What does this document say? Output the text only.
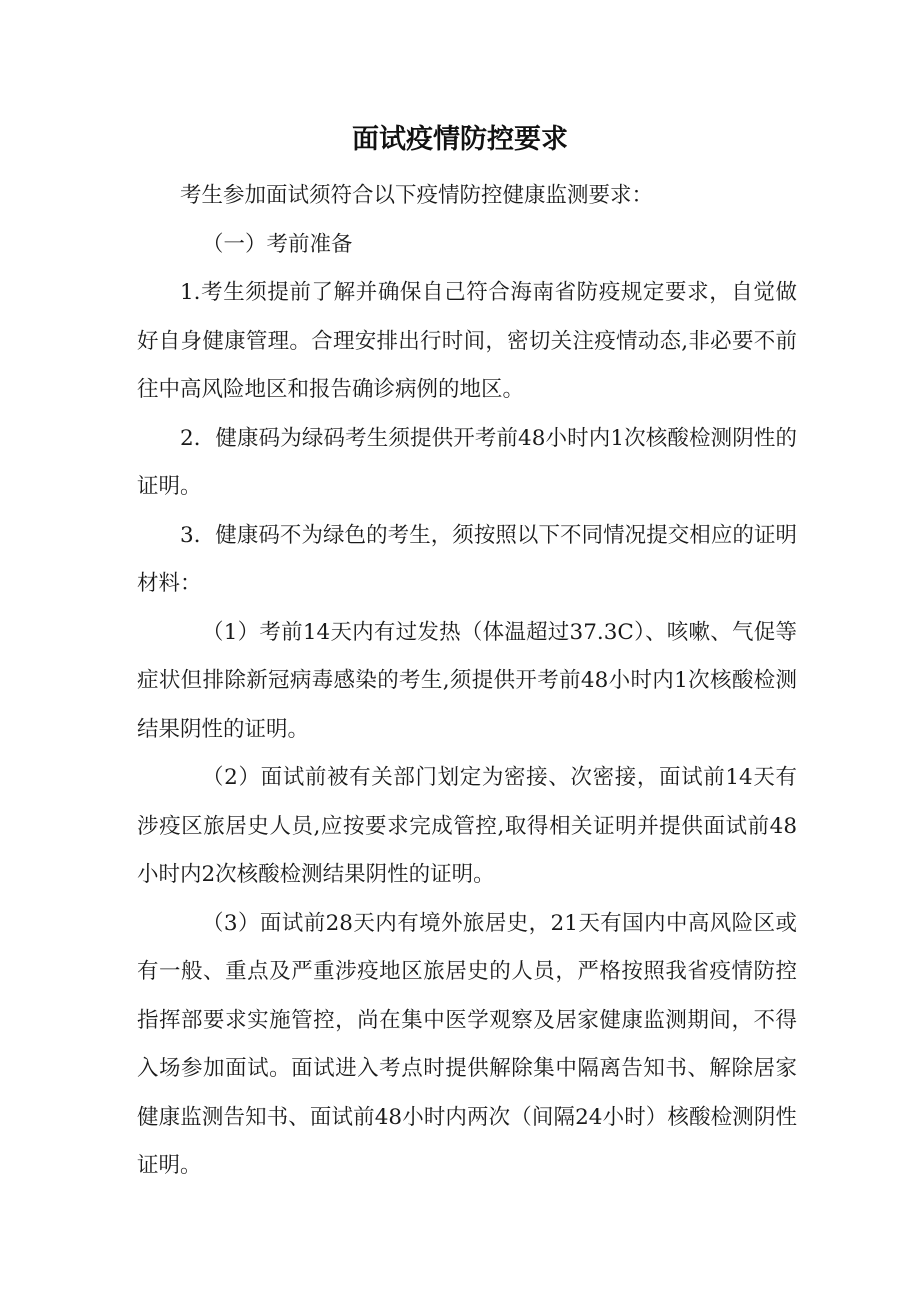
面试疫情防控要求

考生参加面试须符合以下疫情防控健康监测要求：

（一）考前准备

1.考生须提前了解并确保自己符合海南省防疫规定要求，自觉做好自身健康管理。合理安排出行时间，密切关注疫情动态,非必要不前往中高风险地区和报告确诊病例的地区。

2．健康码为绿码考生须提供开考前48小时内1次核酸检测阴性的证明。

3．健康码不为绿色的考生，须按照以下不同情况提交相应的证明材料：

（1）考前14天内有过发热（体温超过37.3C）、咳嗽、气促等症状但排除新冠病毒感染的考生,须提供开考前48小时内1次核酸检测结果阴性的证明。

（2）面试前被有关部门划定为密接、次密接，面试前14天有涉疫区旅居史人员,应按要求完成管控,取得相关证明并提供面试前48小时内2次核酸检测结果阴性的证明。

（3）面试前28天内有境外旅居史，21天有国内中高风险区或有一般、重点及严重涉疫地区旅居史的人员，严格按照我省疫情防控指挥部要求实施管控，尚在集中医学观察及居家健康监测期间，不得入场参加面试。面试进入考点时提供解除集中隔离告知书、解除居家健康监测告知书、面试前48小时内两次（间隔24小时）核酸检测阴性证明。
